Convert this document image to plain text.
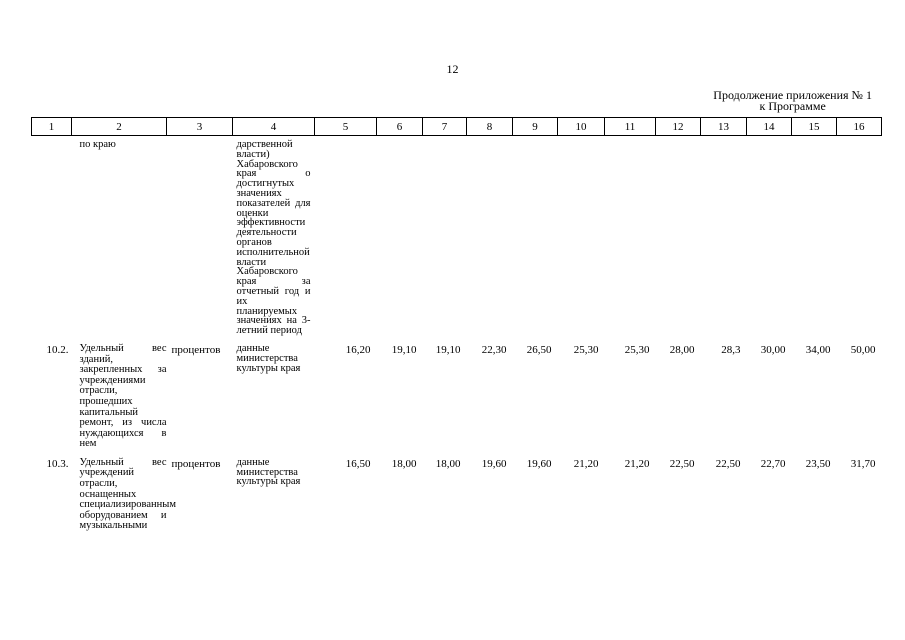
12
Продолжение приложения № 1
к Программе
1	2	3	4	5	6	7	8	9	10	11	12	13	14	15	16
	по краю		дарственной власти) Хабаровского края о достигнутых значениях показателей для оценки эффективности деятельности органов исполнительной власти Хабаровского края за отчетный год и их планируемых значениях на 3-летний период												
10.2.	Удельный вес зданий, закрепленных за учреждениями отрасли, прошедших капитальный ремонт, из числа нуждающихся в нем	процентов	данные министерства культуры края	16,20	19,10	19,10	22,30	26,50	25,30	25,30	28,00	28,3	30,00	34,00	50,00
10.3.	Удельный вес учреждений отрасли, оснащенных специализированным оборудованием и музыкальными	процентов	данные министерства культуры края	16,50	18,00	18,00	19,60	19,60	21,20	21,20	22,50	22,50	22,70	23,50	31,70
